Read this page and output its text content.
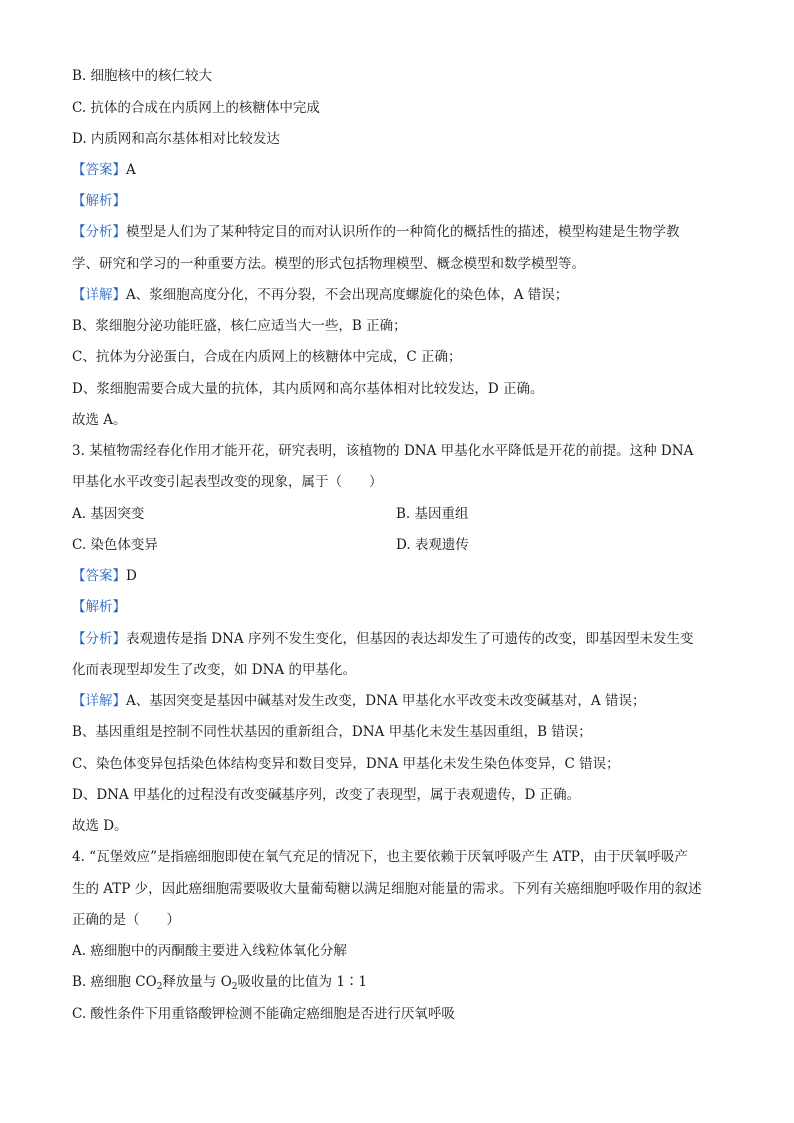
B. 细胞核中的核仁较大
C. 抗体的合成在内质网上的核糖体中完成
D. 内质网和高尔基体相对比较发达
【答案】A
【解析】
【分析】模型是人们为了某种特定目的而对认识所作的一种简化的概括性的描述，模型构建是生物学教
学、研究和学习的一种重要方法。模型的形式包括物理模型、概念模型和数学模型等。
【详解】A、浆细胞高度分化，不再分裂，不会出现高度螺旋化的染色体，A 错误；
B、浆细胞分泌功能旺盛，核仁应适当大一些，B 正确；
C、抗体为分泌蛋白，合成在内质网上的核糖体中完成，C 正确；
D、浆细胞需要合成大量的抗体，其内质网和高尔基体相对比较发达，D 正确。
故选 A。
3. 某植物需经春化作用才能开花，研究表明，该植物的 DNA 甲基化水平降低是开花的前提。这种 DNA
甲基化水平改变引起表型改变的现象，属于（　　）
A. 基因突变	B. 基因重组
C. 染色体变异	D. 表观遗传
【答案】D
【解析】
【分析】表观遗传是指 DNA 序列不发生变化，但基因的表达却发生了可遗传的改变，即基因型未发生变
化而表现型却发生了改变，如 DNA 的甲基化。
【详解】A、基因突变是基因中碱基对发生改变，DNA 甲基化水平改变未改变碱基对，A 错误；
B、基因重组是控制不同性状基因的重新组合，DNA 甲基化未发生基因重组，B 错误；
C、染色体变异包括染色体结构变异和数目变异，DNA 甲基化未发生染色体变异，C 错误；
D、DNA 甲基化的过程没有改变碱基序列，改变了表现型，属于表观遗传，D 正确。
故选 D。
4. “瓦堡效应”是指癌细胞即使在氧气充足的情况下，也主要依赖于厌氧呼吸产生 ATP，由于厌氧呼吸产
生的 ATP 少，因此癌细胞需要吸收大量葡萄糖以满足细胞对能量的需求。下列有关癌细胞呼吸作用的叙述
正确的是（　　）
A. 癌细胞中的丙酮酸主要进入线粒体氧化分解
B. 癌细胞 $CO_2$释放量与 $O_2$吸收量的比值为 1∶1
C. 酸性条件下用重铬酸钾检测不能确定癌细胞是否进行厌氧呼吸
